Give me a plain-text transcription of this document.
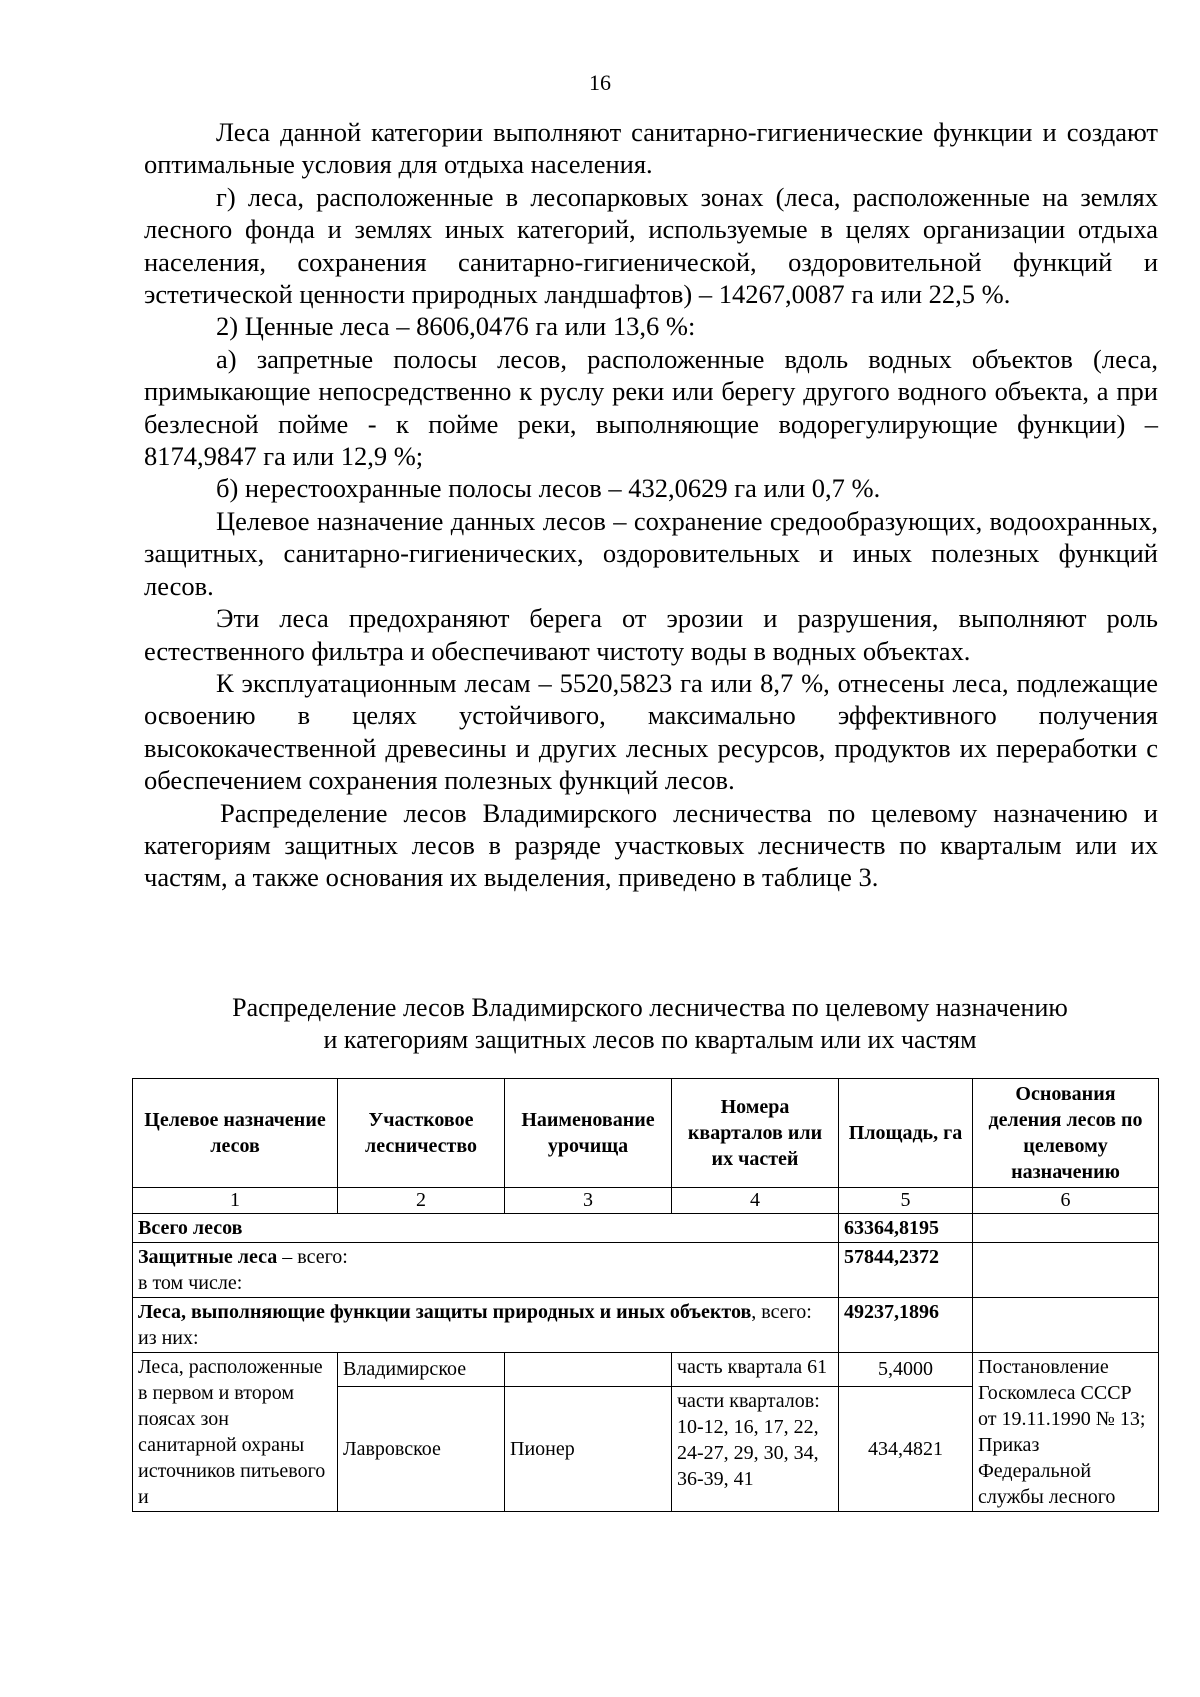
16

Леса данной категории выполняют санитарно-гигиенические функции и создают оптимальные условия для отдыха населения.

г) леса, расположенные в лесопарковых зонах (леса, расположенные на землях лесного фонда и землях иных категорий, используемые в целях организации отдыха населения, сохранения санитарно-гигиенической, оздоровительной функций и эстетической ценности природных ландшафтов) – 14267,0087 га или 22,5 %.

2) Ценные леса – 8606,0476 га или 13,6 %:

а) запретные полосы лесов, расположенные вдоль водных объектов (леса, примыкающие непосредственно к руслу реки или берегу другого водного объекта, а при безлесной пойме - к пойме реки, выполняющие водорегулирующие функции) – 8174,9847 га или 12,9 %;

б) нерестоохранные полосы лесов – 432,0629 га или 0,7 %.

Целевое назначение данных лесов – сохранение средообразующих, водоохранных, защитных, санитарно-гигиенических, оздоровительных и иных полезных функций лесов.

Эти леса предохраняют берега от эрозии и разрушения, выполняют роль естественного фильтра и обеспечивают чистоту воды в водных объектах.

К эксплуатационным лесам – 5520,5823 га или 8,7 %, отнесены леса, подлежащие освоению в целях устойчивого, максимально эффективного получения высококачественной древесины и других лесных ресурсов, продуктов их переработки с обеспечением сохранения полезных функций лесов.

Распределение лесов Владимирского лесничества по целевому назначению и категориям защитных лесов в разряде участковых лесничеств по кварталым или их частям, а также основания их выделения, приведено в таблице 3.

Распределение лесов Владимирского лесничества по целевому назначению
и категориям защитных лесов по кварталым или их частям
Целевое назначение лесов	Участковое лесничество	Наименование урочища	Номера кварталов или их частей	Площадь, га	Основания деления лесов по целевому назначению
1	2	3	4	5	6
Всего лесов				63364,8195	
Защитные леса – всего:
в том числе:				57844,2372	
Леса, выполняющие функции защиты природных и иных объектов, всего:
из них:				49237,1896	
Леса, расположенные в первом и втором поясах зон санитарной охраны источников питьевого и	Владимирское		часть квартала 61	5,4000	Постановление Госкомлеса СССР от 19.11.1990 № 13; Приказ Федеральной службы лесного
	Лавровское	Пионер	части кварталов: 10-12, 16, 17, 22, 24-27, 29, 30, 34, 36-39, 41	434,4821	
